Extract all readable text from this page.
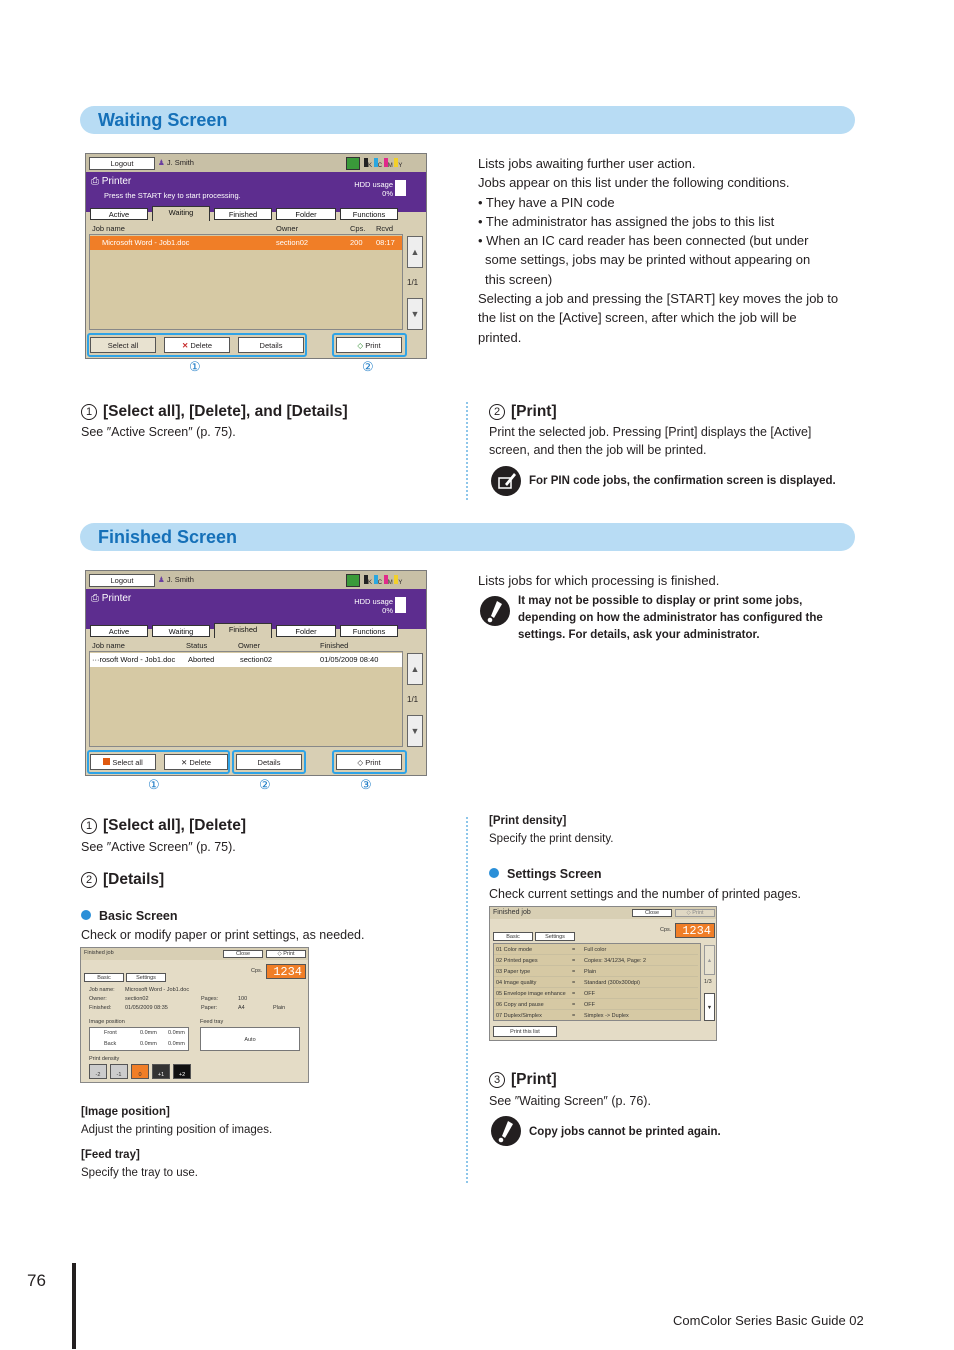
Waiting Screen
Logout	♟ J. Smith	K C M Y
⎙ Printer
Press the START key to start processing.
HDD usage
0%
Active	Waiting	Finished	Folder	Functions
Job name	Owner	Cps. Rcvd
Microsoft Word - Job1.doc	section02	200 08:17
▲
1/1
▼
Select all	✕ Delete	Details	◇ Print
①	②
Lists jobs awaiting further user action.
Jobs appear on this list under the following conditions.
• They have a PIN code
• The administrator has assigned the jobs to this list
• When an IC card reader has been connected (but under
some settings, jobs may be printed without appearing on
this screen)
Selecting a job and pressing the [START] key moves the job to
the list on the [Active] screen, after which the job will be
printed.
1 [Select all], [Delete], and [Details]
See ″Active Screen″ (p. 75).
2 [Print]
Print the selected job. Pressing [Print] displays the [Active]
screen, and then the job will be printed.
For PIN code jobs, the confirmation screen is displayed.
Finished Screen
Logout	♟ J. Smith	K C M Y
⎙ Printer	HDD usage
0%
Active	Waiting	Finished	Folder	Functions
Job name	Status	Owner	Finished
···rosoft Word - Job1.doc Aborted	section02	01/05/2009 08:40
▲
1/1
▼
Select all	✕ Delete	Details	◇ Print
①	②	③
Lists jobs for which processing is finished.
It may not be possible to display or print some jobs,
depending on how the administrator has configured the
settings. For details, ask your administrator.
1 [Select all], [Delete]
See ″Active Screen″ (p. 75).
2 [Details]
Basic Screen
Check or modify paper or print settings, as needed.
Finished job	Close	◇ Print
Basic	Settings
Cps. 1234
Job name: Microsoft Word - Job1.doc
Owner:	section02	Pages:	100
Finished: 01/05/2009 08:35	Paper:	A4	Plain
Image position	Feed tray
Front	0.0mm 0.0mm
Back	0.0mm 0.0mm
Auto
Print density
-2	-1	0	+1	+2
[Image position]
Adjust the printing position of images.
[Feed tray]
Specify the tray to use.
[Print density]
Specify the print density.
Settings Screen
Check current settings and the number of printed pages.
Finished job	Close	◇ Print
Basic	Settings
Cps. 1234
01 Color mode	= Full color
02 Printed pages	= Copies: 34/1234, Page: 2
03 Paper type	= Plain
04 Image quality	= Standard (300x300dpi)
05 Envelope image enhance = OFF
06 Copy and pause	= OFF
07 Duplex/Simplex	= Simplex -> Duplex
▲
1/3
▼
Print this list
3 [Print]
See ″Waiting Screen″ (p. 76).
Copy jobs cannot be printed again.
76
ComColor Series Basic Guide 02
